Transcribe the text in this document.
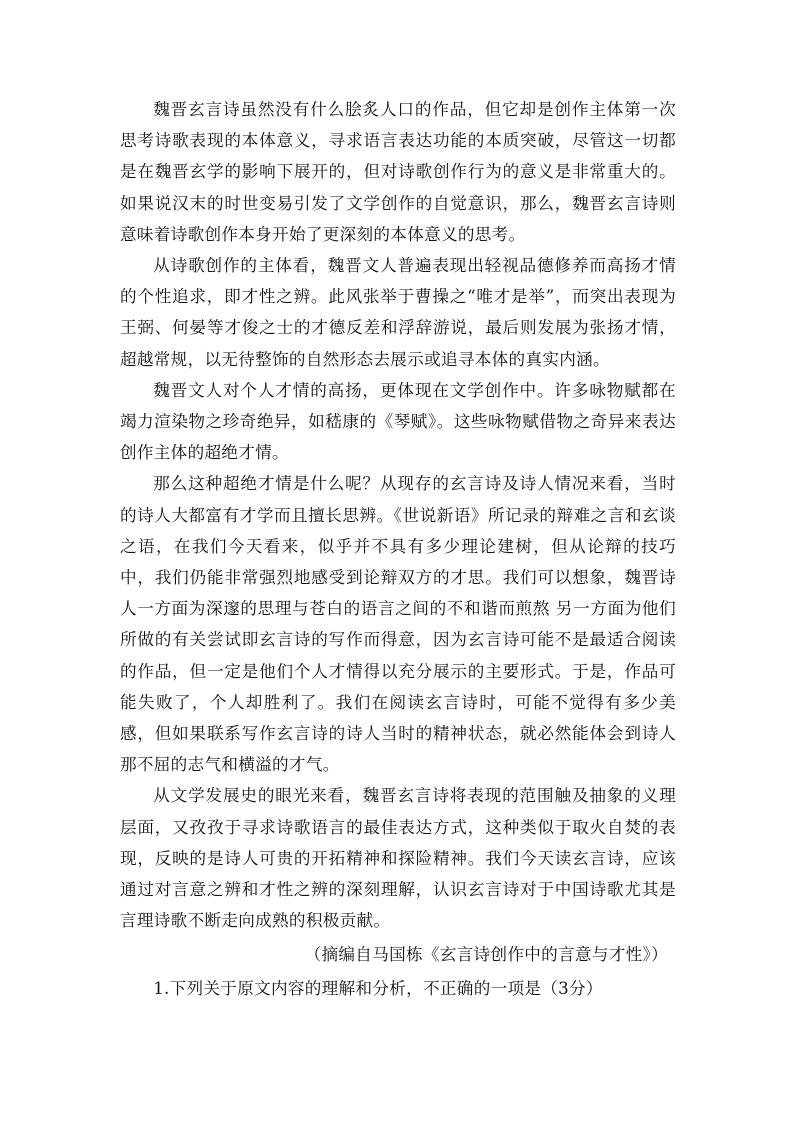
魏晋玄言诗虽然没有什么脍炙人口的作品，但它却是创作主体第一次思考诗歌表现的本体意义，寻求语言表达功能的本质突破，尽管这一切都是在魏晋玄学的影响下展开的，但对诗歌创作行为的意义是非常重大的。如果说汉末的时世变易引发了文学创作的自觉意识，那么，魏晋玄言诗则意味着诗歌创作本身开始了更深刻的本体意义的思考。

从诗歌创作的主体看，魏晋文人普遍表现出轻视品德修养而高扬才情的个性追求，即才性之辨。此风张举于曹操之“唯才是举”，而突出表现为王弼、何晏等才俊之士的才德反差和浮辞游说，最后则发展为张扬才情，超越常规，以无待整饰的自然形态去展示或追寻本体的真实内涵。

魏晋文人对个人才情的高扬，更体现在文学创作中。许多咏物赋都在竭力渲染物之珍奇绝异，如嵇康的《琴赋》。这些咏物赋借物之奇异来表达创作主体的超绝才情。

那么这种超绝才情是什么呢？从现存的玄言诗及诗人情况来看，当时的诗人大都富有才学而且擅长思辨。《世说新语》所记录的辩难之言和玄谈之语，在我们今天看来，似乎并不具有多少理论建树，但从论辩的技巧中，我们仍能非常强烈地感受到论辩双方的才思。我们可以想象，魏晋诗人一方面为深邃的思理与苍白的语言之间的不和谐而煎熬 另一方面为他们所做的有关尝试即玄言诗的写作而得意，因为玄言诗可能不是最适合阅读的作品，但一定是他们个人才情得以充分展示的主要形式。于是，作品可能失败了，个人却胜利了。我们在阅读玄言诗时，可能不觉得有多少美感，但如果联系写作玄言诗的诗人当时的精神状态，就必然能体会到诗人那不屈的志气和横溢的才气。

从文学发展史的眼光来看，魏晋玄言诗将表现的范围触及抽象的义理层面，又孜孜于寻求诗歌语言的最佳表达方式，这种类似于取火自焚的表现，反映的是诗人可贵的开拓精神和探险精神。我们今天读玄言诗，应该通过对言意之辨和才性之辨的深刻理解，认识玄言诗对于中国诗歌尤其是言理诗歌不断走向成熟的积极贡献。

（摘编自马国栋《玄言诗创作中的言意与才性》）

1.下列关于原文内容的理解和分析，不正确的一项是（3分）
